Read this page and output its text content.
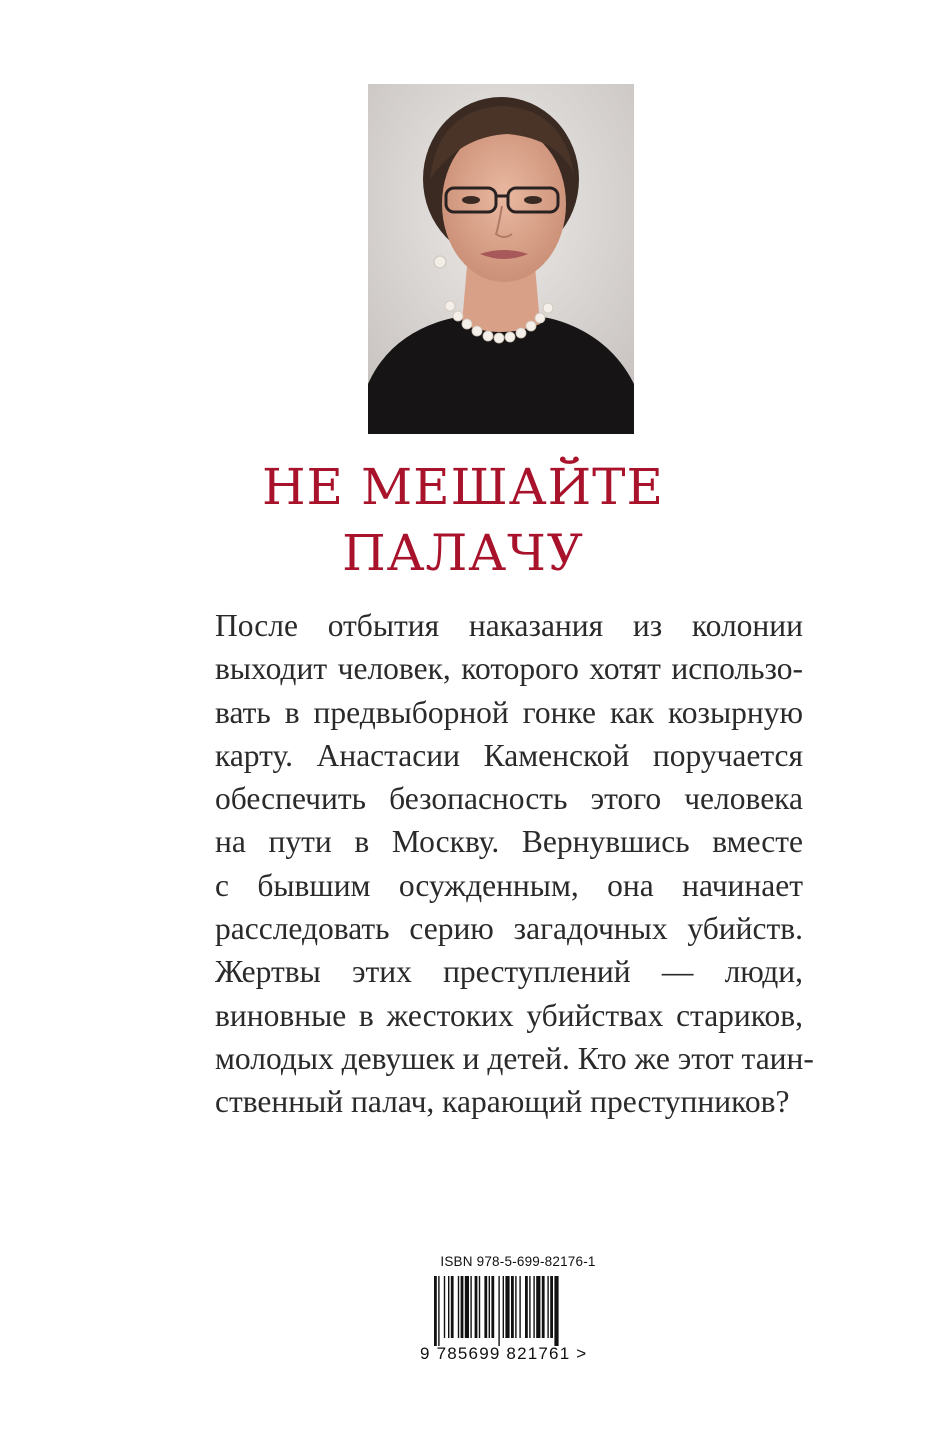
НЕ МЕШАЙТЕ
ПАЛАЧУ
После отбытия наказания из колонии
выходит человек, которого хотят использо-
вать в предвыборной гонке как козырную
карту. Анастасии Каменской поручается
обеспечить безопасность этого человека
на пути в Москву. Вернувшись вместе
с бывшим осужденным, она начинает
расследовать серию загадочных убийств.
Жертвы этих преступлений — люди,
виновные в жестоких убийствах стариков,
молодых девушек и детей. Кто же этот таин-
ственный палач, карающий преступников?
ISBN 978-5-699-82176-1
9 785699 821761 >
